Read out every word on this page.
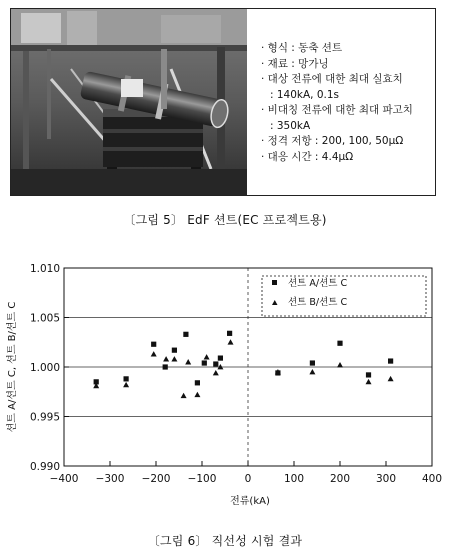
· 형식 : 동축 션트
· 재료 : 망가닝
· 대상 전류에 대한 최대 실효치
: 140kA, 0.1s
· 비대칭 전류에 대한 최대 파고치
: 350kA
· 정격 저항 : 200, 100, 50μΩ
· 대응 시간 : 4.4μΩ
〔그림 5〕 EdF 션트(EC 프로젝트용)
0.990
0.995
1.000
1.005
1.010
−400 −300 −200 −100	0	100 200 300 400
션트 A/션트 C
션트 B/션트 C
전류(kA)
션트 A/션트 C, 션트 B/션트 C
〔그림 6〕 직선성 시험 결과
